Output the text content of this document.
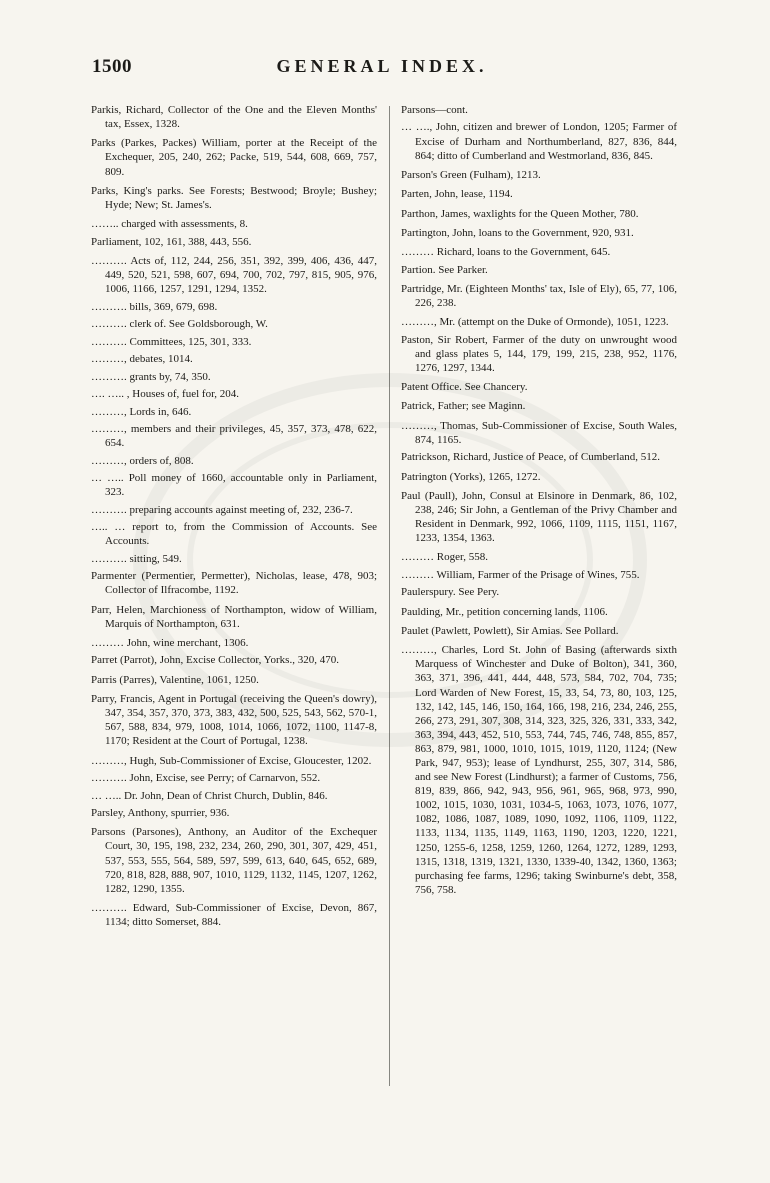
1500	GENERAL INDEX.

Parkis, Richard, Collector of the One and the Eleven Months' tax, Essex, 1328.

Parks (Parkes, Packes) William, porter at the Receipt of the Exchequer, 205, 240, 262; Packe, 519, 544, 608, 669, 757, 809.

Parks, King's parks. See Forests; Bestwood; Broyle; Bushey; Hyde; New; St. James's.

…….. charged with assessments, 8.

Parliament, 102, 161, 388, 443, 556.

………. Acts of, 112, 244, 256, 351, 392, 399, 406, 436, 447, 449, 520, 521, 598, 607, 694, 700, 702, 797, 815, 905, 976, 1006, 1166, 1257, 1291, 1294, 1352.

………. bills, 369, 679, 698.

………. clerk of. See Goldsborough, W.

………. Committees, 125, 301, 333.

………, debates, 1014.

………. grants by, 74, 350.

…. ….. , Houses of, fuel for, 204.

………, Lords in, 646.

………, members and their privileges, 45, 357, 373, 478, 622, 654.

………, orders of, 808.

… ….. Poll money of 1660, accountable only in Parliament, 323.

………. preparing accounts against meeting of, 232, 236-7.

….. … report to, from the Commission of Accounts. See Accounts.

………. sitting, 549.

Parmenter (Permentier, Permetter), Nicholas, lease, 478, 903; Collector of Ilfracombe, 1192.

Parr, Helen, Marchioness of Northampton, widow of William, Marquis of Northampton, 631.

……… John, wine merchant, 1306.

Parret (Parrot), John, Excise Collector, Yorks., 320, 470.

Parris (Parres), Valentine, 1061, 1250.

Parry, Francis, Agent in Portugal (receiving the Queen's dowry), 347, 354, 357, 370, 373, 383, 432, 500, 525, 543, 562, 570-1, 567, 588, 834, 979, 1008, 1014, 1066, 1072, 1100, 1147-8, 1170; Resident at the Court of Portugal, 1238.

………, Hugh, Sub-Commissioner of Excise, Gloucester, 1202.

………. John, Excise, see Perry; of Carnarvon, 552.

… ….. Dr. John, Dean of Christ Church, Dublin, 846.

Parsley, Anthony, spurrier, 936.

Parsons (Parsones), Anthony, an Auditor of the Exchequer Court, 30, 195, 198, 232, 234, 260, 290, 301, 307, 429, 451, 537, 553, 555, 564, 589, 597, 599, 613, 640, 645, 652, 689, 720, 818, 828, 888, 907, 1010, 1129, 1132, 1145, 1207, 1262, 1282, 1290, 1355.

………. Edward, Sub-Commissioner of Excise, Devon, 867, 1134; ditto Somerset, 884.

Parsons—cont.

… …., John, citizen and brewer of London, 1205; Farmer of Excise of Durham and Northumberland, 827, 836, 844, 864; ditto of Cumberland and Westmorland, 836, 845.

Parson's Green (Fulham), 1213.

Parten, John, lease, 1194.

Parthon, James, waxlights for the Queen Mother, 780.

Partington, John, loans to the Government, 920, 931.

……… Richard, loans to the Government, 645.

Partion. See Parker.

Partridge, Mr. (Eighteen Months' tax, Isle of Ely), 65, 77, 106, 226, 238.

………, Mr. (attempt on the Duke of Ormonde), 1051, 1223.

Paston, Sir Robert, Farmer of the duty on unwrought wood and glass plates 5, 144, 179, 199, 215, 238, 952, 1176, 1276, 1297, 1344.

Patent Office. See Chancery.

Patrick, Father; see Maginn.

………, Thomas, Sub-Commissioner of Excise, South Wales, 874, 1165.

Patrickson, Richard, Justice of Peace, of Cumberland, 512.

Patrington (Yorks), 1265, 1272.

Paul (Paull), John, Consul at Elsinore in Denmark, 86, 102, 238, 246; Sir John, a Gentleman of the Privy Chamber and Resident in Denmark, 992, 1066, 1109, 1115, 1151, 1167, 1233, 1354, 1363.

……… Roger, 558.

……… William, Farmer of the Prisage of Wines, 755.

Paulerspury. See Pery.

Paulding, Mr., petition concerning lands, 1106.

Paulet (Pawlett, Powlett), Sir Amias. See Pollard.

………, Charles, Lord St. John of Basing (afterwards sixth Marquess of Winchester and Duke of Bolton), 341, 360, 363, 371, 396, 441, 444, 448, 573, 584, 702, 704, 735; Lord Warden of New Forest, 15, 33, 54, 73, 80, 103, 125, 132, 142, 145, 146, 150, 164, 166, 198, 216, 234, 246, 255, 266, 273, 291, 307, 308, 314, 323, 325, 326, 331, 333, 342, 363, 394, 443, 452, 510, 553, 744, 745, 746, 748, 855, 857, 863, 879, 981, 1000, 1010, 1015, 1019, 1120, 1124; (New Park, 947, 953); lease of Lyndhurst, 255, 307, 314, 586, and see New Forest (Lindhurst); a farmer of Customs, 756, 819, 839, 866, 942, 943, 956, 961, 965, 968, 973, 990, 1002, 1015, 1030, 1031, 1034-5, 1063, 1073, 1076, 1077, 1082, 1086, 1087, 1089, 1090, 1092, 1106, 1109, 1122, 1133, 1134, 1135, 1149, 1163, 1190, 1203, 1220, 1221, 1250, 1255-6, 1258, 1259, 1260, 1264, 1272, 1289, 1293, 1315, 1318, 1319, 1321, 1330, 1339-40, 1342, 1360, 1363; purchasing fee farms, 1296; taking Swinburne's debt, 358, 756, 758.
